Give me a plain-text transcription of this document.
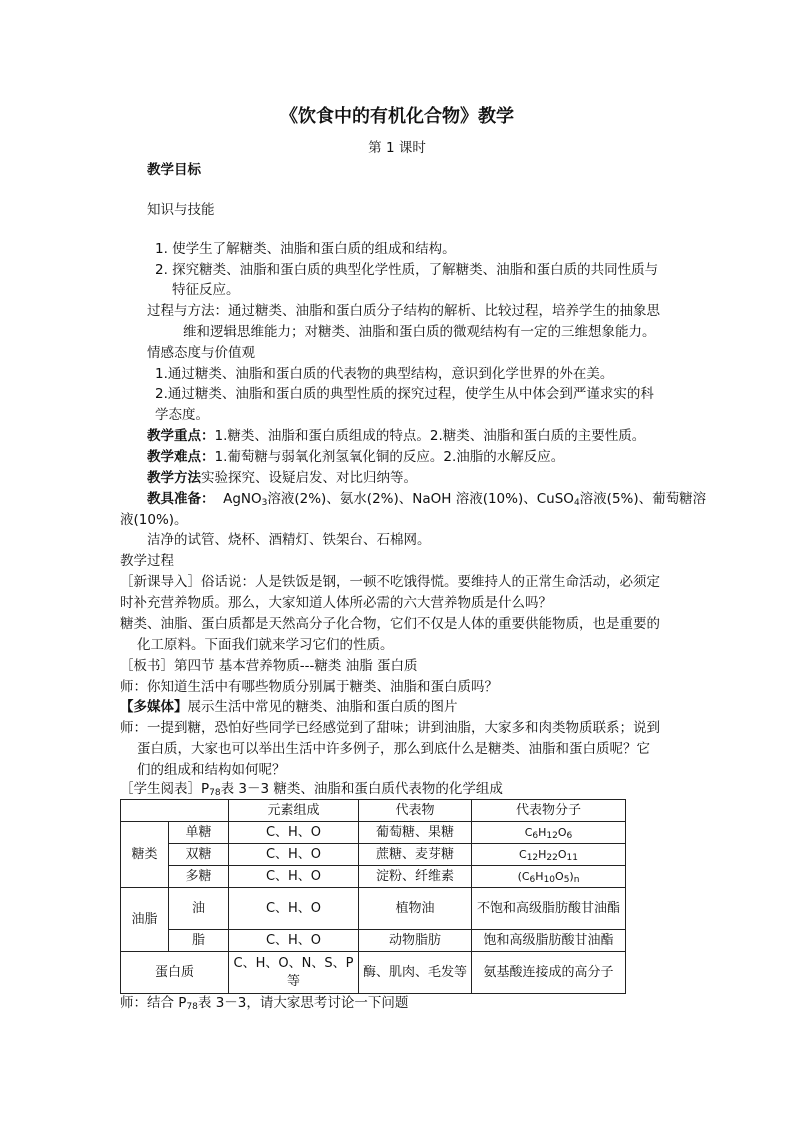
《饮食中的有机化合物》教学
第 1 课时
教学目标
知识与技能
1. 使学生了解糖类、油脂和蛋白质的组成和结构。
2. 探究糖类、油脂和蛋白质的典型化学性质，了解糖类、油脂和蛋白质的共同性质与
特征反应。
过程与方法：通过糖类、油脂和蛋白质分子结构的解析、比较过程，培养学生的抽象思
维和逻辑思维能力；对糖类、油脂和蛋白质的微观结构有一定的三维想象能力。
情感态度与价值观
1.通过糖类、油脂和蛋白质的代表物的典型结构，意识到化学世界的外在美。
2.通过糖类、油脂和蛋白质的典型性质的探究过程，使学生从中体会到严谨求实的科
学态度。
教学重点：1.糖类、油脂和蛋白质组成的特点。2.糖类、油脂和蛋白质的主要性质。
教学难点：1.葡萄糖与弱氧化剂氢氧化铜的反应。2.油脂的水解反应。
教学方法实验探究、设疑启发、对比归纳等。
教具准备： AgNO$_3$溶液(2%)、氨水(2%)、NaOH 溶液(10%)、CuSO$_4$溶液(5%)、葡萄糖溶
液(10%)。
洁净的试管、烧杯、酒精灯、铁架台、石棉网。
教学过程
［新课导入］俗话说：人是铁饭是钢，一顿不吃饿得慌。要维持人的正常生命活动，必须定
时补充营养物质。那么，大家知道人体所必需的六大营养物质是什么吗？
糖类、油脂、蛋白质都是天然高分子化合物，它们不仅是人体的重要供能物质，也是重要的
化工原料。下面我们就来学习它们的性质。
［板书］第四节 基本营养物质---糖类 油脂 蛋白质
师：你知道生活中有哪些物质分别属于糖类、油脂和蛋白质吗？
【多媒体】展示生活中常见的糖类、油脂和蛋白质的图片
师：一提到糖，恐怕好些同学已经感觉到了甜味；讲到油脂，大家多和肉类物质联系；说到
蛋白质，大家也可以举出生活中许多例子，那么到底什么是糖类、油脂和蛋白质呢？它
们的组成和结构如何呢？
［学生阅表$]P_{78}$表 3－3 糖类、油脂和蛋白质代表物的化学组成
		元素组成	代表物	代表物分子
糖类	单糖	C、H、O	葡萄糖、果糖	$C_6H_{12}O_6$
	双糖	C、H、O	蔗糖、麦芽糖	$C_{12}H_{22}O_{11}$
	多糖	C、H、O	淀粉、纤维素	$(C_6H_{10}O_5)_n$
油脂	油	C、H、O	植物油	不饱和高级脂肪酸甘油酯
	脂	C、H、O	动物脂肪	饱和高级脂肪酸甘油酯
蛋白质		C、H、O、N、S、P 等	酶、肌肉、毛发等	氨基酸连接成的高分子
师：结合 $P_{78}$表 3－3，请大家思考讨论一下问题
